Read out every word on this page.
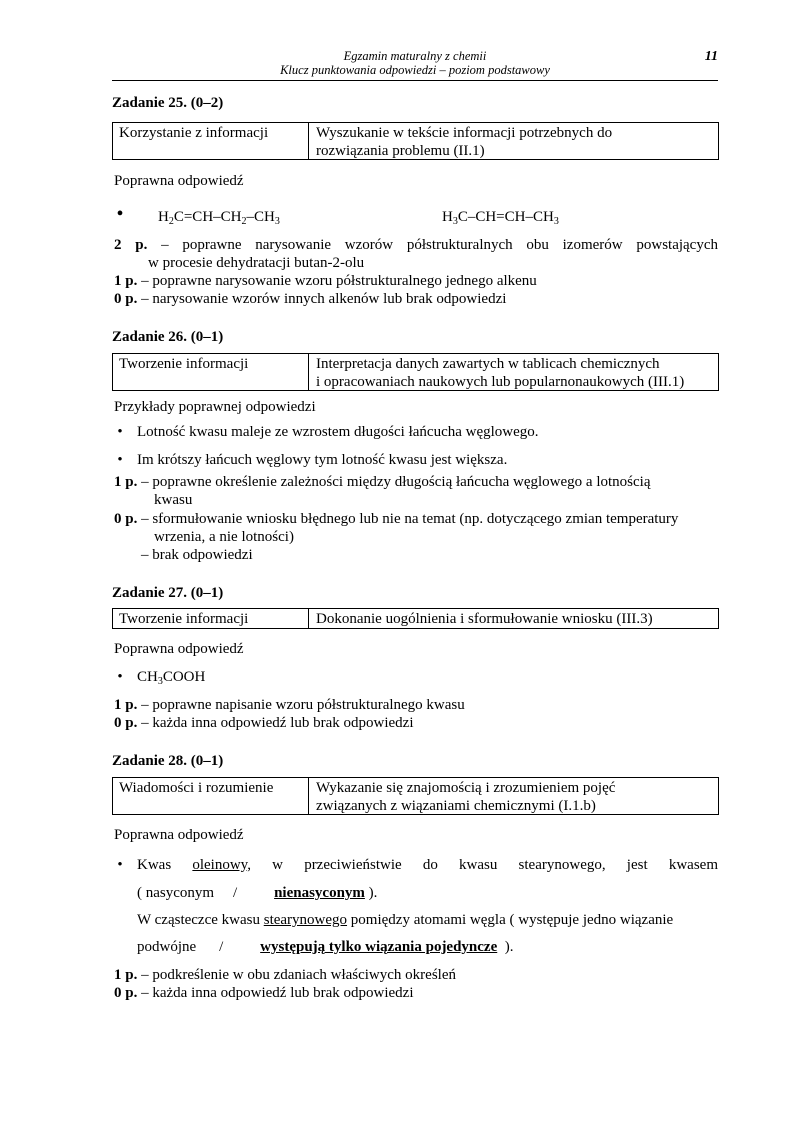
Egzamin maturalny z chemii
Klucz punktowania odpowiedzi – poziom podstawowy
11
Zadanie 25. (0–2)
Korzystanie z informacji	Wyszukanie w tekście informacji potrzebnych do
rozwiązania problemu (II.1)
Poprawna odpowiedź
•	$H_2C=CH-CH_2-CH_3$	$H_3C-CH=CH-CH_3$
2 p. – poprawne narysowanie wzorów półstrukturalnych obu izomerów powstających
w procesie dehydratacji butan-2-olu
1 p. – poprawne narysowanie wzoru półstrukturalnego jednego alkenu
0 p. – narysowanie wzorów innych alkenów lub brak odpowiedzi
Zadanie 26. (0–1)
Tworzenie informacji	Interpretacja danych zawartych w tablicach chemicznych
i opracowaniach naukowych lub popularnonaukowych (III.1)
Przykłady poprawnej odpowiedzi
• Lotność kwasu maleje ze wzrostem długości łańcucha węglowego.
• Im krótszy łańcuch węglowy tym lotność kwasu jest większa.
1 p. – poprawne określenie zależności między długością łańcucha węglowego a lotnością
kwasu
0 p. – sformułowanie wniosku błędnego lub nie na temat (np. dotyczącego zmian temperatury
wrzenia, a nie lotności)
– brak odpowiedzi
Zadanie 27. (0–1)
Tworzenie informacji	Dokonanie uogólnienia i sformułowanie wniosku (III.3)
Poprawna odpowiedź
• $CH_3COOH$
1 p. – poprawne napisanie wzoru półstrukturalnego kwasu
0 p. – każda inna odpowiedź lub brak odpowiedzi
Zadanie 28. (0–1)
Wiadomości i rozumienie	Wykazanie się znajomością i zrozumieniem pojęć
związanych z wiązaniami chemicznymi (I.1.b)
Poprawna odpowiedź
• Kwas oleinowy, w przeciwieństwie do kwasu stearynowego, jest kwasem
( nasyconym / nienasyconym ).
W cząsteczce kwasu stearynowego pomiędzy atomami węgla ( występuje jedno wiązanie
podwójne / występują tylko wiązania pojedyncze ).
1 p. – podkreślenie w obu zdaniach właściwych określeń
0 p. – każda inna odpowiedź lub brak odpowiedzi
